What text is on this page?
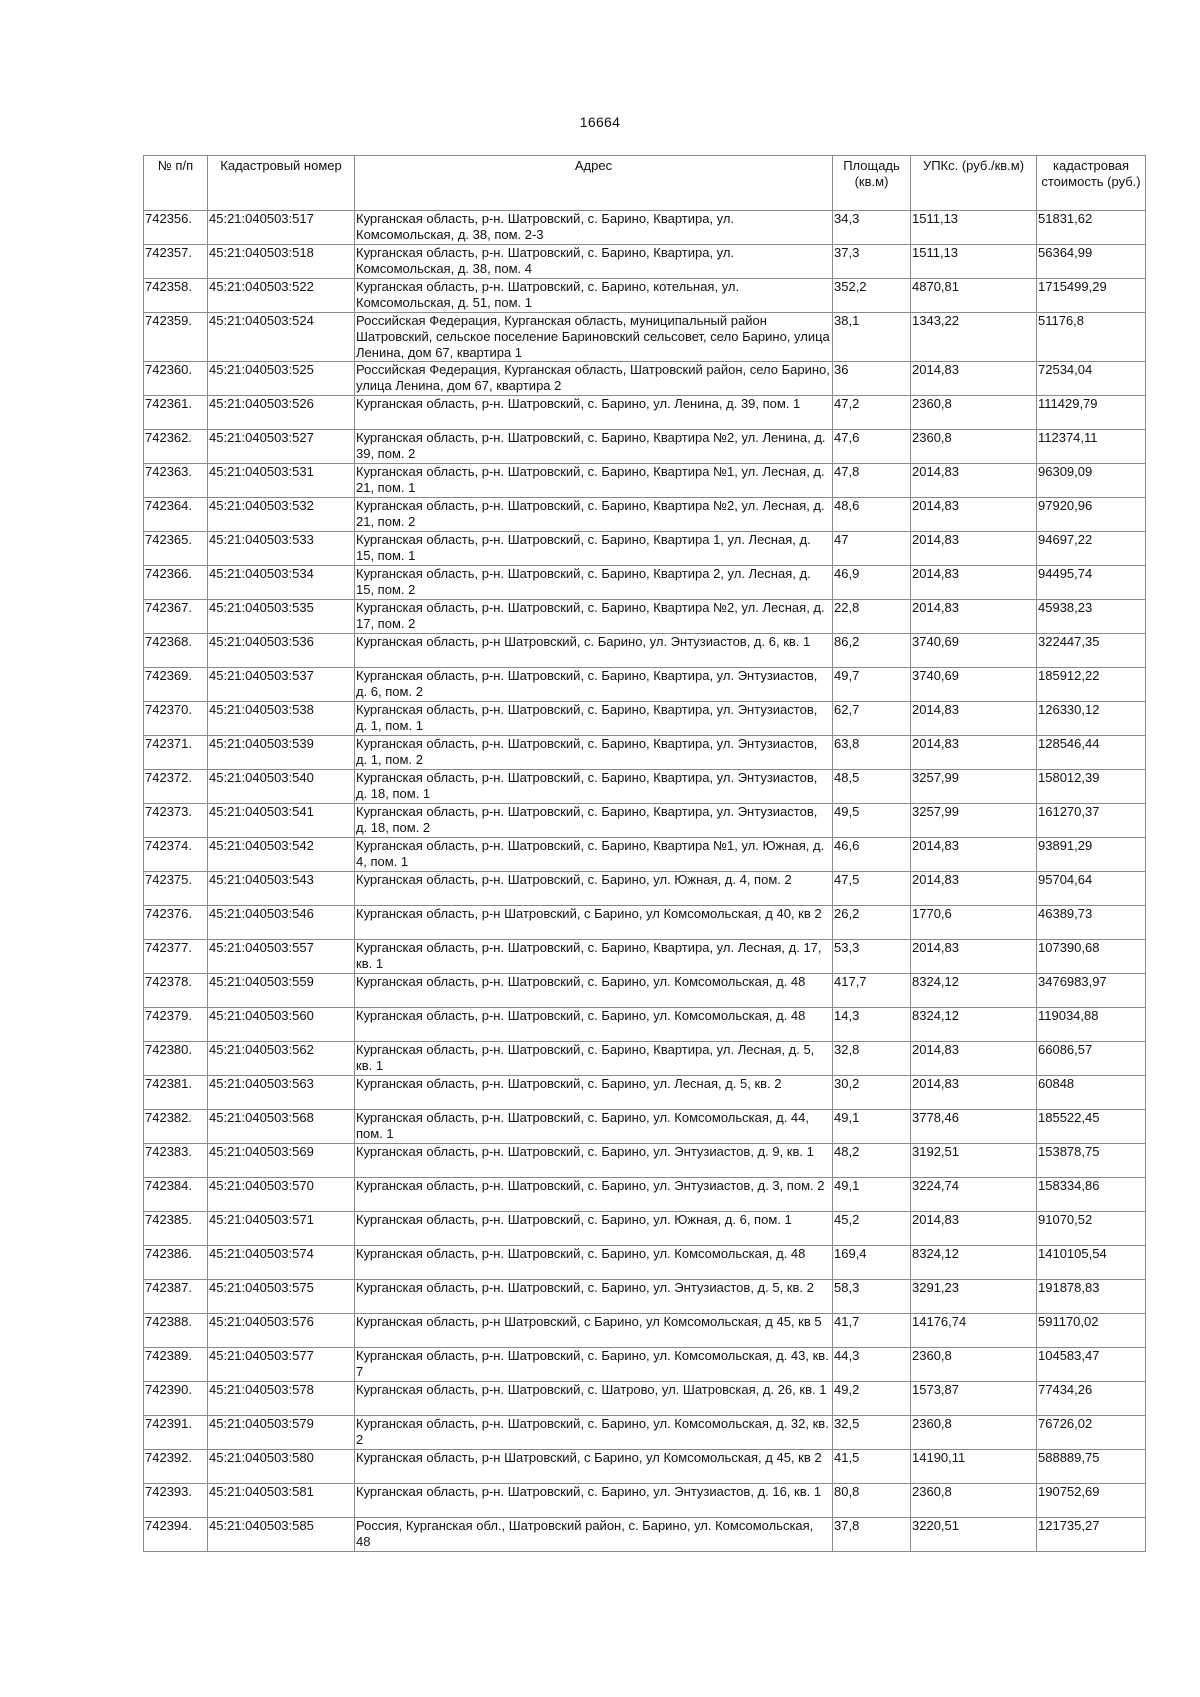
16664
№ п/п	Кадастровый номер	Адрес	Площадь (кв.м)	УПКс. (руб./кв.м)	кадастровая стоимость (руб.)
742356.	45:21:040503:517	Курганская область, р-н. Шатровский, с. Барино, Квартира, ул. Комсомольская, д. 38, пом. 2-3	34,3	1511,13	51831,62
742357.	45:21:040503:518	Курганская область, р-н. Шатровский, с. Барино, Квартира, ул. Комсомольская, д. 38, пом. 4	37,3	1511,13	56364,99
742358.	45:21:040503:522	Курганская область, р-н. Шатровский, с. Барино, котельная, ул. Комсомольская, д. 51, пом. 1	352,2	4870,81	1715499,29
742359.	45:21:040503:524	Российская Федерация, Курганская область, муниципальный район Шатровский, сельское поселение Бариновский сельсовет, село Барино, улица Ленина, дом 67, квартира 1	38,1	1343,22	51176,8
742360.	45:21:040503:525	Российская Федерация, Курганская область, Шатровский район, село Барино, улица Ленина, дом 67, квартира 2	36	2014,83	72534,04
742361.	45:21:040503:526	Курганская область, р-н. Шатровский, с. Барино, ул. Ленина, д. 39, пом. 1	47,2	2360,8	111429,79
742362.	45:21:040503:527	Курганская область, р-н. Шатровский, с. Барино, Квартира №2, ул. Ленина, д. 39, пом. 2	47,6	2360,8	112374,11
742363.	45:21:040503:531	Курганская область, р-н. Шатровский, с. Барино, Квартира №1, ул. Лесная, д. 21, пом. 1	47,8	2014,83	96309,09
742364.	45:21:040503:532	Курганская область, р-н. Шатровский, с. Барино, Квартира №2, ул. Лесная, д. 21, пом. 2	48,6	2014,83	97920,96
742365.	45:21:040503:533	Курганская область, р-н. Шатровский, с. Барино, Квартира 1, ул. Лесная, д. 15, пом. 1	47	2014,83	94697,22
742366.	45:21:040503:534	Курганская область, р-н. Шатровский, с. Барино, Квартира 2, ул. Лесная, д. 15, пом. 2	46,9	2014,83	94495,74
742367.	45:21:040503:535	Курганская область, р-н. Шатровский, с. Барино, Квартира №2, ул. Лесная, д. 17, пом. 2	22,8	2014,83	45938,23
742368.	45:21:040503:536	Курганская область, р-н Шатровский, с. Барино, ул. Энтузиастов, д. 6, кв. 1	86,2	3740,69	322447,35
742369.	45:21:040503:537	Курганская область, р-н. Шатровский, с. Барино, Квартира, ул. Энтузиастов, д. 6, пом. 2	49,7	3740,69	185912,22
742370.	45:21:040503:538	Курганская область, р-н. Шатровский, с. Барино, Квартира, ул. Энтузиастов, д. 1, пом. 1	62,7	2014,83	126330,12
742371.	45:21:040503:539	Курганская область, р-н. Шатровский, с. Барино, Квартира, ул. Энтузиастов, д. 1, пом. 2	63,8	2014,83	128546,44
742372.	45:21:040503:540	Курганская область, р-н. Шатровский, с. Барино, Квартира, ул. Энтузиастов, д. 18, пом. 1	48,5	3257,99	158012,39
742373.	45:21:040503:541	Курганская область, р-н. Шатровский, с. Барино, Квартира, ул. Энтузиастов, д. 18, пом. 2	49,5	3257,99	161270,37
742374.	45:21:040503:542	Курганская область, р-н. Шатровский, с. Барино, Квартира №1, ул. Южная, д. 4, пом. 1	46,6	2014,83	93891,29
742375.	45:21:040503:543	Курганская область, р-н. Шатровский, с. Барино, ул. Южная, д. 4, пом. 2	47,5	2014,83	95704,64
742376.	45:21:040503:546	Курганская область, р-н Шатровский, с Барино, ул Комсомольская, д 40, кв 2	26,2	1770,6	46389,73
742377.	45:21:040503:557	Курганская область, р-н. Шатровский, с. Барино, Квартира, ул. Лесная, д. 17, кв. 1	53,3	2014,83	107390,68
742378.	45:21:040503:559	Курганская область, р-н. Шатровский, с. Барино, ул. Комсомольская, д. 48	417,7	8324,12	3476983,97
742379.	45:21:040503:560	Курганская область, р-н. Шатровский, с. Барино, ул. Комсомольская, д. 48	14,3	8324,12	119034,88
742380.	45:21:040503:562	Курганская область, р-н. Шатровский, с. Барино, Квартира, ул. Лесная, д. 5, кв. 1	32,8	2014,83	66086,57
742381.	45:21:040503:563	Курганская область, р-н. Шатровский, с. Барино, ул. Лесная, д. 5, кв. 2	30,2	2014,83	60848
742382.	45:21:040503:568	Курганская область, р-н. Шатровский, с. Барино, ул. Комсомольская, д. 44, пом. 1	49,1	3778,46	185522,45
742383.	45:21:040503:569	Курганская область, р-н. Шатровский, с. Барино, ул. Энтузиастов, д. 9, кв. 1	48,2	3192,51	153878,75
742384.	45:21:040503:570	Курганская область, р-н. Шатровский, с. Барино, ул. Энтузиастов, д. 3, пом. 2	49,1	3224,74	158334,86
742385.	45:21:040503:571	Курганская область, р-н. Шатровский, с. Барино, ул. Южная, д. 6, пом. 1	45,2	2014,83	91070,52
742386.	45:21:040503:574	Курганская область, р-н. Шатровский, с. Барино, ул. Комсомольская, д. 48	169,4	8324,12	1410105,54
742387.	45:21:040503:575	Курганская область, р-н. Шатровский, с. Барино, ул. Энтузиастов, д. 5, кв. 2	58,3	3291,23	191878,83
742388.	45:21:040503:576	Курганская область, р-н Шатровский, с Барино, ул Комсомольская, д 45, кв 5	41,7	14176,74	591170,02
742389.	45:21:040503:577	Курганская область, р-н. Шатровский, с. Барино, ул. Комсомольская, д. 43, кв. 7	44,3	2360,8	104583,47
742390.	45:21:040503:578	Курганская область, р-н. Шатровский, с. Шатрово, ул. Шатровская, д. 26, кв. 1	49,2	1573,87	77434,26
742391.	45:21:040503:579	Курганская область, р-н. Шатровский, с. Барино, ул. Комсомольская, д. 32, кв. 2	32,5	2360,8	76726,02
742392.	45:21:040503:580	Курганская область, р-н Шатровский, с Барино, ул Комсомольская, д 45, кв 2	41,5	14190,11	588889,75
742393.	45:21:040503:581	Курганская область, р-н. Шатровский, с. Барино, ул. Энтузиастов, д. 16, кв. 1	80,8	2360,8	190752,69
742394.	45:21:040503:585	Россия, Курганская обл., Шатровский район, с. Барино, ул. Комсомольская, 48	37,8	3220,51	121735,27
